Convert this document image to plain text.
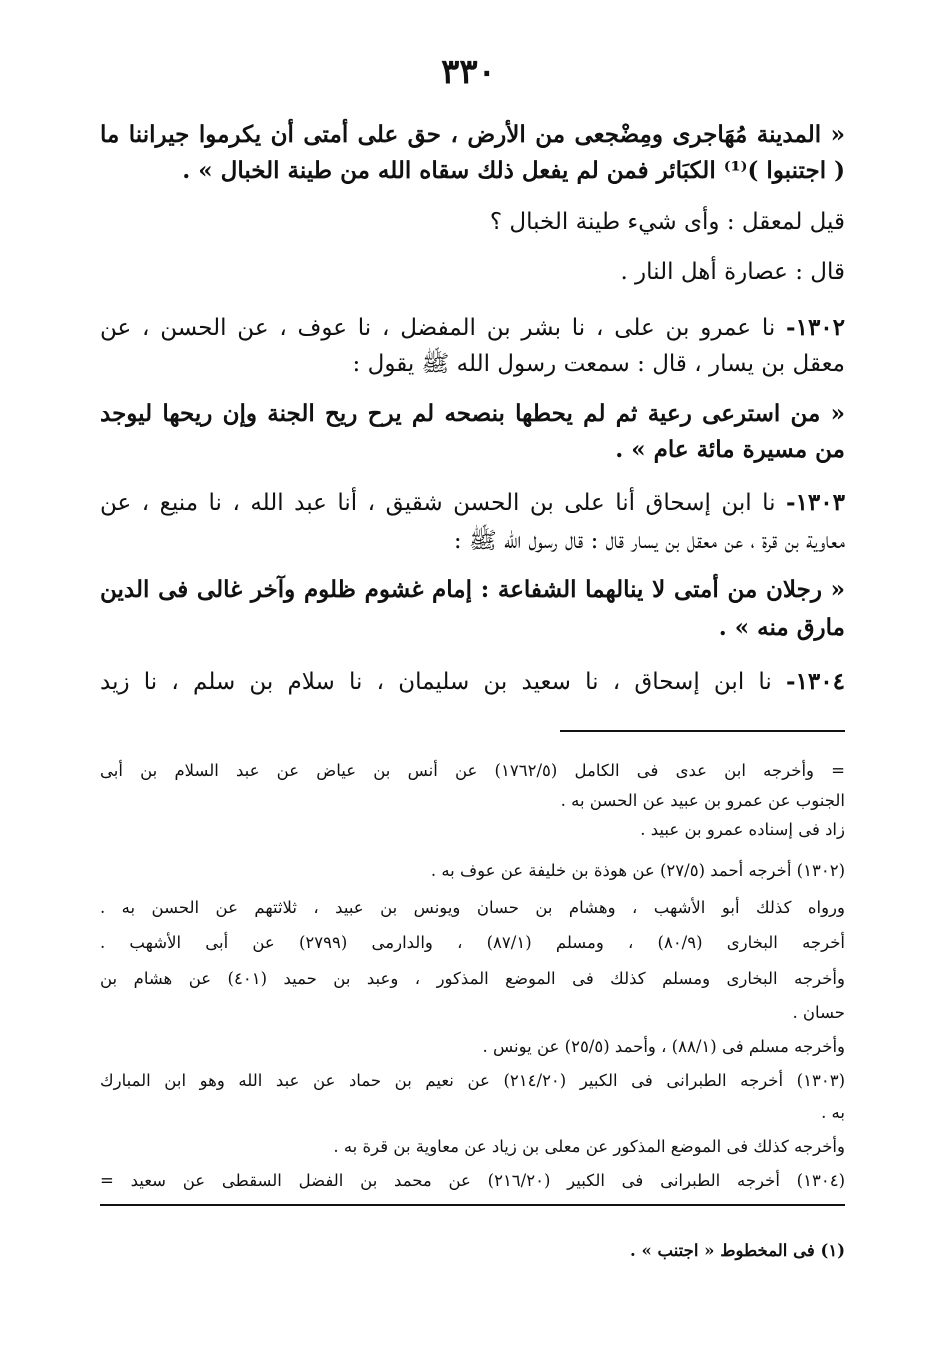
٣٣٠
« المدينة مُهَاجرى ومِضْجعى من الأرض ، حق على أمتى أن يكرموا جيراننا ما
( اجتنبوا )⁽¹⁾ الكبَائر فمن لم يفعل ذلك سقاه الله من طينة الخبال » .
قيل لمعقل : وأى شيء طينة الخبال ؟
قال : عصارة أهل النار .
١٣٠٢- نا عمرو بن على ، نا بشر بن المفضل ، نا عوف ، عن الحسن ، عن
معقل بن يسار ، قال : سمعت رسول الله ﷺ يقول :
« من استرعى رعية ثم لم يحطها بنصحه لم يرح ريح الجنة وإن ريحها ليوجد
من مسيرة مائة عام » .
١٣٠٣- نا ابن إسحاق أنا على بن الحسن شقيق ، أنا عبد الله ، نا منيع ، عن
معاوية بن قرة ، عن معقل بن يسار قال : قال رسول الله ﷺ :
« رجلان من أمتى لا ينالهما الشفاعة : إمام غشوم ظلوم وآخر غالى فى الدين
مارق منه » .
١٣٠٤- نا ابن إسحاق ، نا سعيد بن سليمان ، نا سلام بن سلم ، نا زيد
= وأخرجه ابن عدى فى الكامل (١٧٦٢/٥) عن أنس بن عياض عن عبد السلام بن أبى
الجنوب عن عمرو بن عبيد عن الحسن به .
زاد فى إسناده عمرو بن عبيد .
(١٣٠٢) أخرجه أحمد (٢٧/٥) عن هوذة بن خليفة عن عوف به .
ورواه كذلك أبو الأشهب ، وهشام بن حسان ويونس بن عبيد ، ثلاثتهم عن الحسن به .
أخرجه البخارى (٨٠/٩) ، ومسلم (٨٧/١) ، والدارمى (٢٧٩٩) عن أبى الأشهب .
وأخرجه البخارى ومسلم كذلك فى الموضع المذكور ، وعبد بن حميد (٤٠١) عن هشام بن
حسان .
وأخرجه مسلم فى (٨٨/١) ، وأحمد (٢٥/٥) عن يونس .
(١٣٠٣) أخرجه الطبرانى فى الكبير (٢١٤/٢٠) عن نعيم بن حماد عن عبد الله وهو ابن المبارك
به .
وأخرجه كذلك فى الموضع المذكور عن معلى بن زياد عن معاوية بن قرة به .
(١٣٠٤) أخرجه الطبرانى فى الكبير (٢١٦/٢٠) عن محمد بن الفضل السقطى عن سعيد =
(١) فى المخطوط « اجتنب » .
